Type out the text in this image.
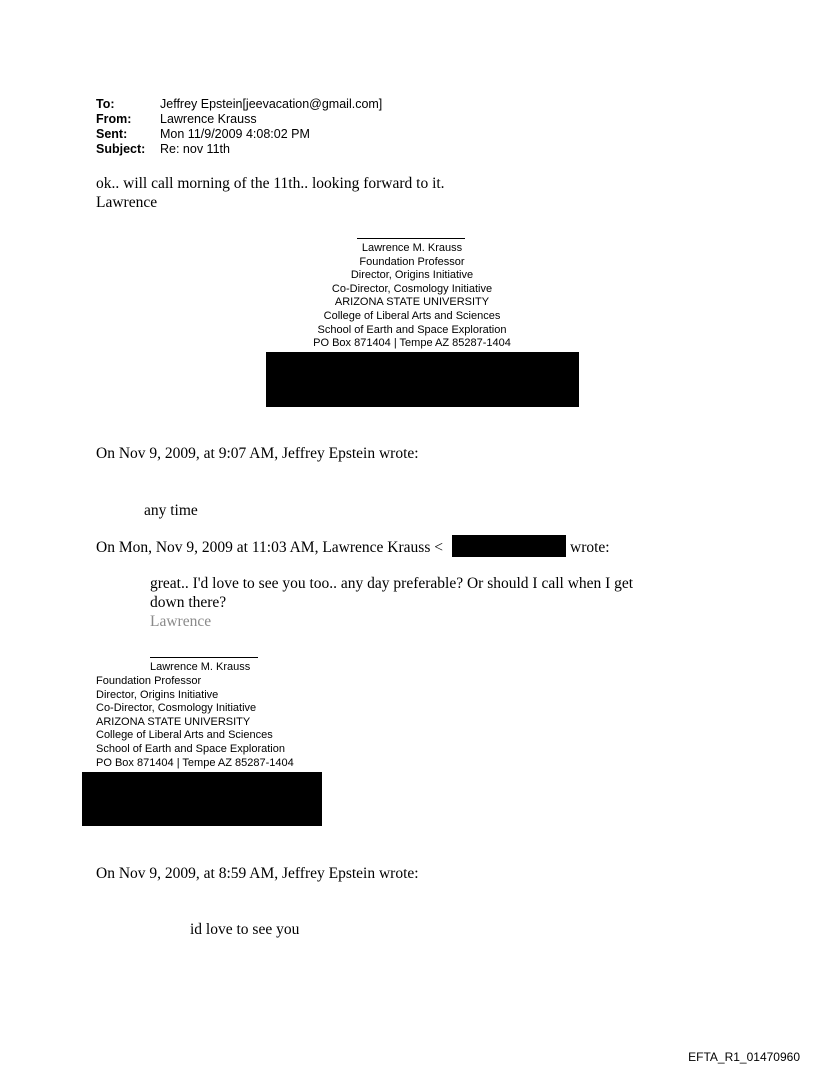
To:	Jeffrey Epstein[jeevacation@gmail.com]
From: Lawrence Krauss
Sent:	Mon 11/9/2009 4:08:02 PM
Subject: Re: nov 11th
ok.. will call morning of the 11th.. looking forward to it.
Lawrence
Lawrence M. Krauss
Foundation Professor
Director, Origins Initiative
Co-Director, Cosmology Initiative
ARIZONA STATE UNIVERSITY
College of Liberal Arts and Sciences
School of Earth and Space Exploration
PO Box 871404 | Tempe AZ 85287-1404
On Nov 9, 2009, at 9:07 AM, Jeffrey Epstein wrote:
any time
On Mon, Nov 9, 2009 at 11:03 AM, Lawrence Krauss <	wrote:
great.. I'd love to see you too.. any day preferable? Or should I call when I get
down there?
Lawrence
Lawrence M. Krauss
Foundation Professor
Director, Origins Initiative
Co-Director, Cosmology Initiative
ARIZONA STATE UNIVERSITY
College of Liberal Arts and Sciences
School of Earth and Space Exploration
PO Box 871404 | Tempe AZ 85287-1404
On Nov 9, 2009, at 8:59 AM, Jeffrey Epstein wrote:
id love to see you
EFTA_R1_01470960
